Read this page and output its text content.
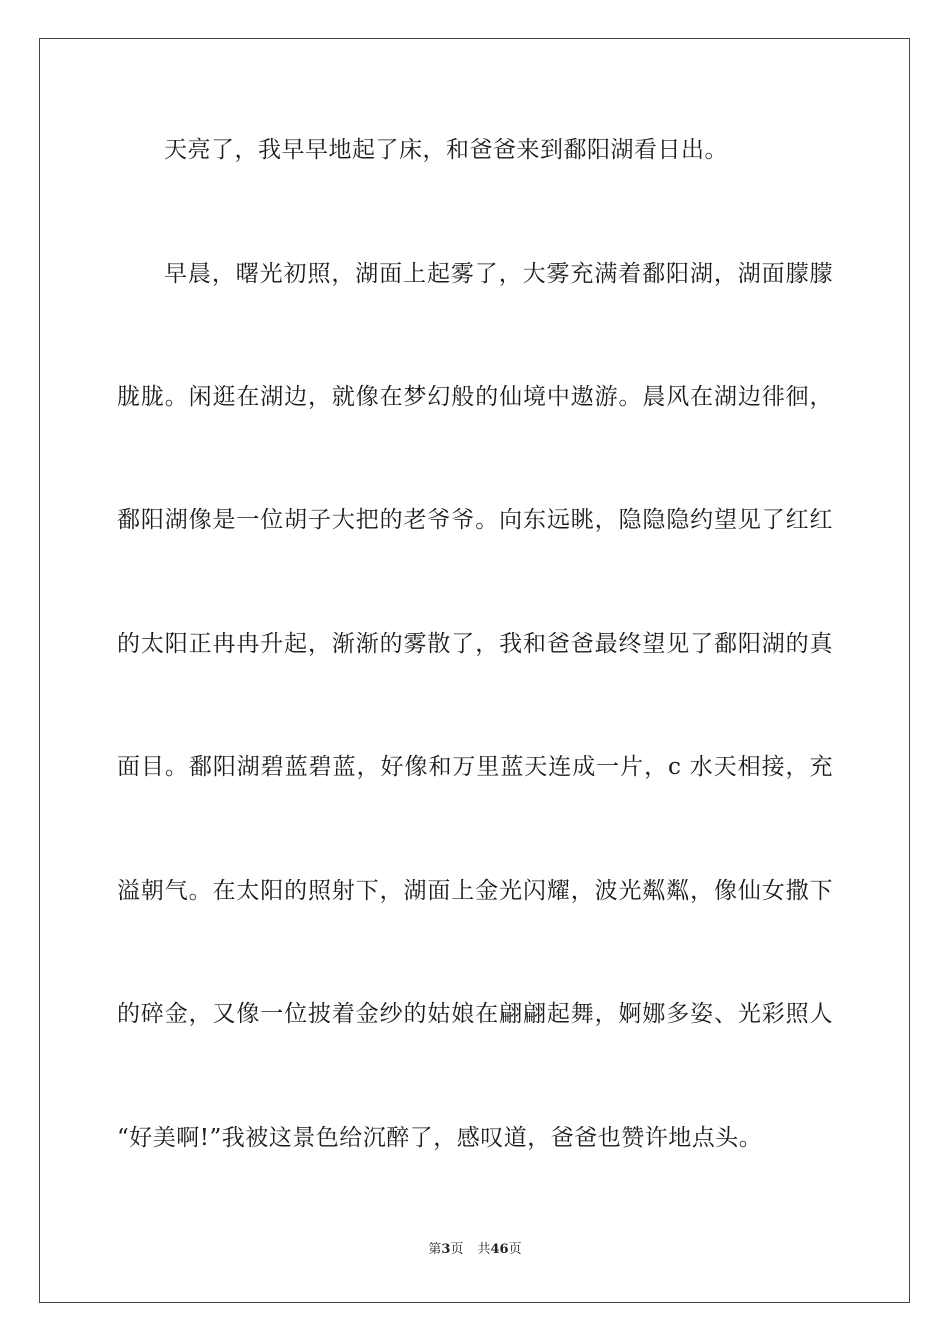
天亮了，我早早地起了床，和爸爸来到鄱阳湖看日出。
早晨，曙光初照，湖面上起雾了，大雾充满着鄱阳湖，湖面朦朦
胧胧。闲逛在湖边，就像在梦幻般的仙境中遨游。晨风在湖边徘徊，
鄱阳湖像是一位胡子大把的老爷爷。向东远眺，隐隐隐约望见了红红
的太阳正冉冉升起，渐渐的雾散了，我和爸爸最终望见了鄱阳湖的真
面目。鄱阳湖碧蓝碧蓝，好像和万里蓝天连成一片，c 水天相接，充
溢朝气。在太阳的照射下，湖面上金光闪耀，波光粼粼，像仙女撒下
的碎金，又像一位披着金纱的姑娘在翩翩起舞，婀娜多姿、光彩照人
“好美啊!”我被这景色给沉醉了，感叹道，爸爸也赞许地点头。
第3页 共46页
